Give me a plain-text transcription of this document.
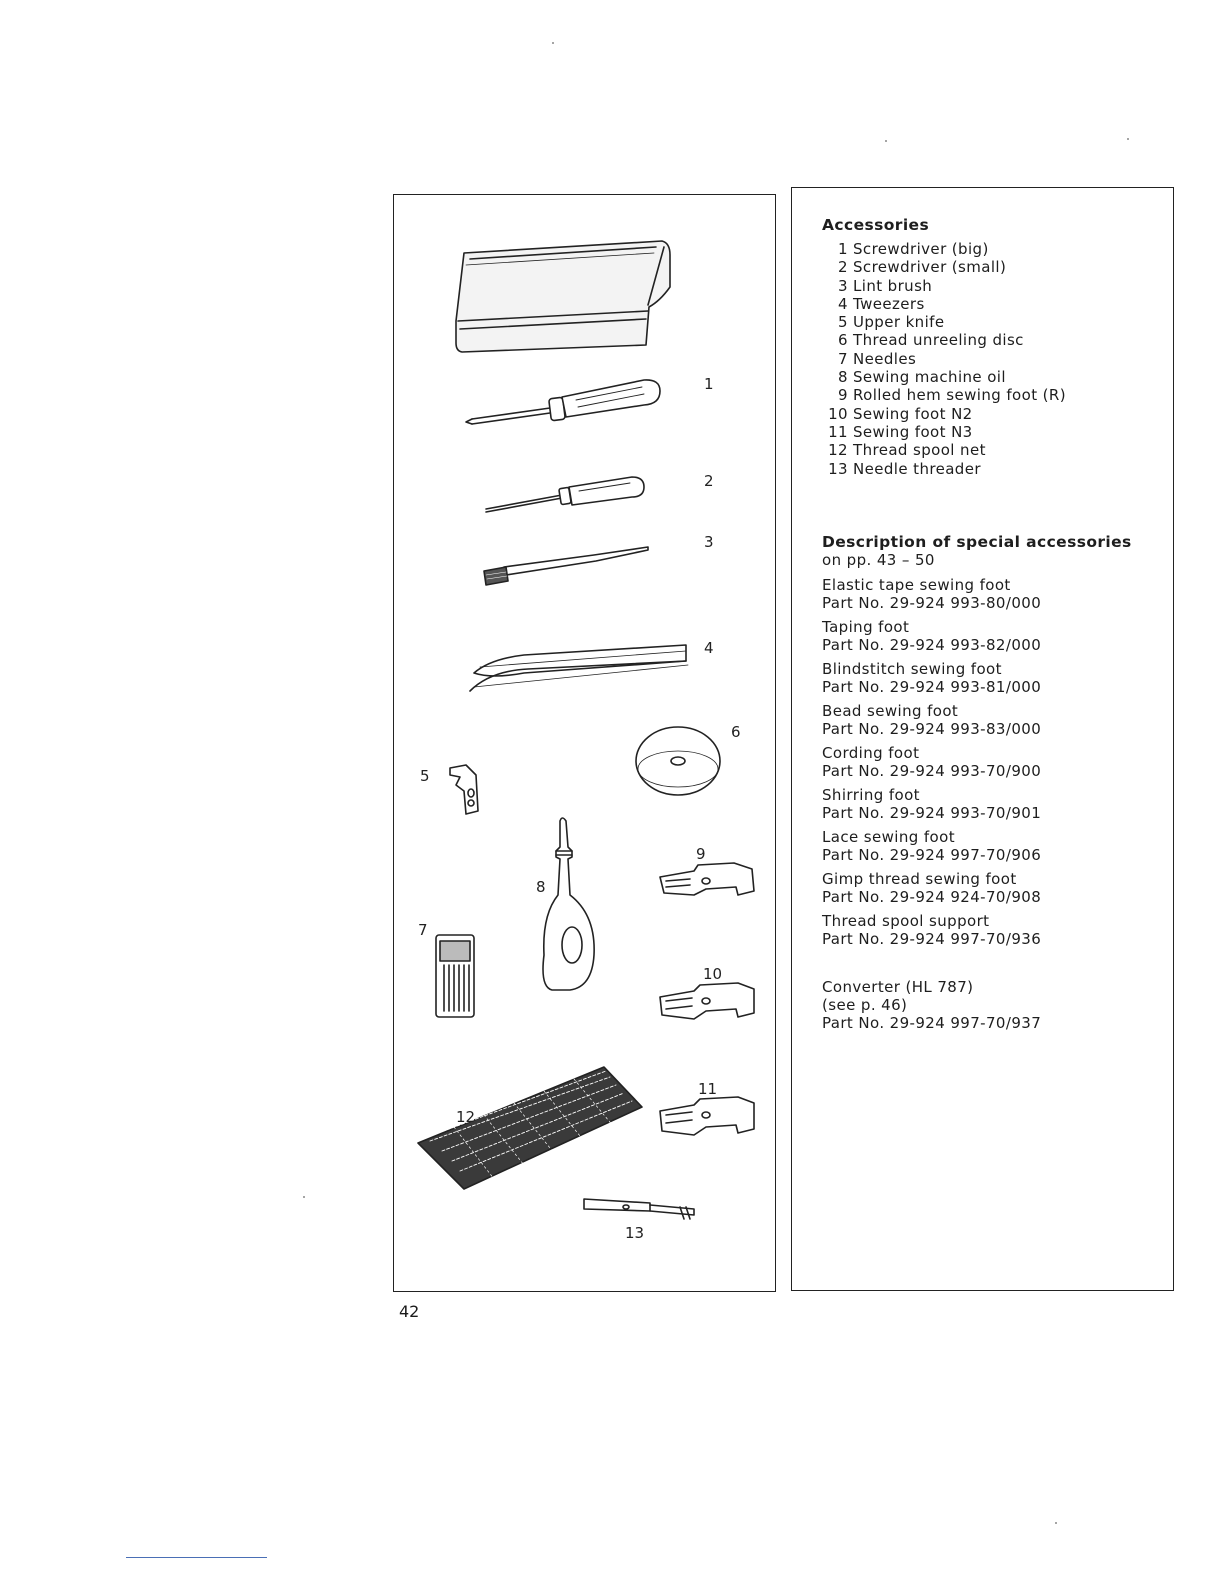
1
2
3
4
5
6
7
8
9
10
11
12
13
Accessories
1 Screwdriver (big)
2 Screwdriver (small)
3 Lint brush
4 Tweezers
5 Upper knife
6 Thread unreeling disc
7 Needles
8 Sewing machine oil
9 Rolled hem sewing foot (R)
10 Sewing foot N2
11 Sewing foot N3
12 Thread spool net
13 Needle threader
Description of special accessories
on pp. 43 – 50
Elastic tape sewing foot
Part No. 29-924 993-80/000
Taping foot
Part No. 29-924 993-82/000
Blindstitch sewing foot
Part No. 29-924 993-81/000
Bead sewing foot
Part No. 29-924 993-83/000
Cording foot
Part No. 29-924 993-70/900
Shirring foot
Part No. 29-924 993-70/901
Lace sewing foot
Part No. 29-924 997-70/906
Gimp thread sewing foot
Part No. 29-924 924-70/908
Thread spool support
Part No. 29-924 997-70/936
Converter (HL 787)
(see p. 46)
Part No. 29-924 997-70/937
42
